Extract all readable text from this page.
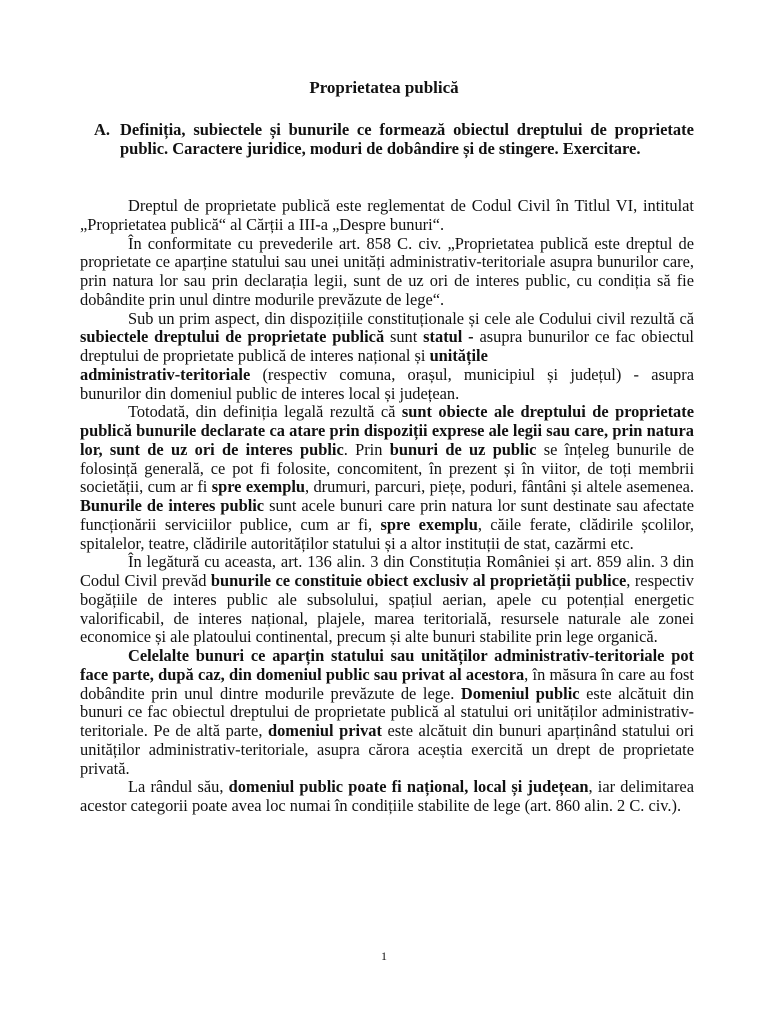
Proprietatea publică
A. Definiția, subiectele și bunurile ce formează obiectul dreptului de proprietate public. Caractere juridice, moduri de dobândire și de stingere. Exercitare.

Dreptul de proprietate publică este reglementat de Codul Civil în Titlul VI, intitulat „Proprietatea publică“ al Cărții a III-a „Despre bunuri“.

În conformitate cu prevederile art. 858 C. civ. „Proprietatea publică este dreptul de proprietate ce aparține statului sau unei unități administrativ-teritoriale asupra bunurilor care, prin natura lor sau prin declarația legii, sunt de uz ori de interes public, cu condiția să fie dobândite prin unul dintre modurile prevăzute de lege“.

Sub un prim aspect, din dispozițiile constituționale și cele ale Codului civil rezultă că subiectele dreptului de proprietate publică sunt statul - asupra bunurilor ce fac obiectul dreptului de proprietate publică de interes național și unitățile

administrativ-teritoriale (respectiv comuna, orașul, municipiul și județul) - asupra bunurilor din domeniul public de interes local și județean.

Totodată, din definiția legală rezultă că sunt obiecte ale dreptului de proprietate publică bunurile declarate ca atare prin dispoziții exprese ale legii sau care, prin natura lor, sunt de uz ori de interes public. Prin bunuri de uz public se înțeleg bunurile de folosință generală, ce pot fi folosite, concomitent, în prezent și în viitor, de toți membrii societății, cum ar fi spre exemplu, drumuri, parcuri, piețe, poduri, fântâni și altele asemenea. Bunurile de interes public sunt acele bunuri care prin natura lor sunt destinate sau afectate funcționării serviciilor publice, cum ar fi, spre exemplu, căile ferate, clădirile școlilor, spitalelor, teatre, clădirile autorităților statului și a altor instituții de stat, cazărmi etc.

În legătură cu aceasta, art. 136 alin. 3 din Constituția României și art. 859 alin. 3 din Codul Civil prevăd bunurile ce constituie obiect exclusiv al proprietății publice, respectiv bogățiile de interes public ale subsolului, spațiul aerian, apele cu potențial energetic valorificabil, de interes național, plajele, marea teritorială, resursele naturale ale zonei economice și ale platoului continental, precum și alte bunuri stabilite prin lege organică.

Celelalte bunuri ce aparțin statului sau unităților administrativ-teritoriale pot face parte, după caz, din domeniul public sau privat al acestora, în măsura în care au fost dobândite prin unul dintre modurile prevăzute de lege. Domeniul public este alcătuit din bunuri ce fac obiectul dreptului de proprietate publică al statului ori unităților administrativ-teritoriale. Pe de altă parte, domeniul privat este alcătuit din bunuri aparținând statului ori unităților administrativ-teritoriale, asupra cărora aceștia exercită un drept de proprietate privată.

La rândul său, domeniul public poate fi național, local și județean, iar delimitarea acestor categorii poate avea loc numai în condițiile stabilite de lege (art. 860 alin. 2 C. civ.).

1
